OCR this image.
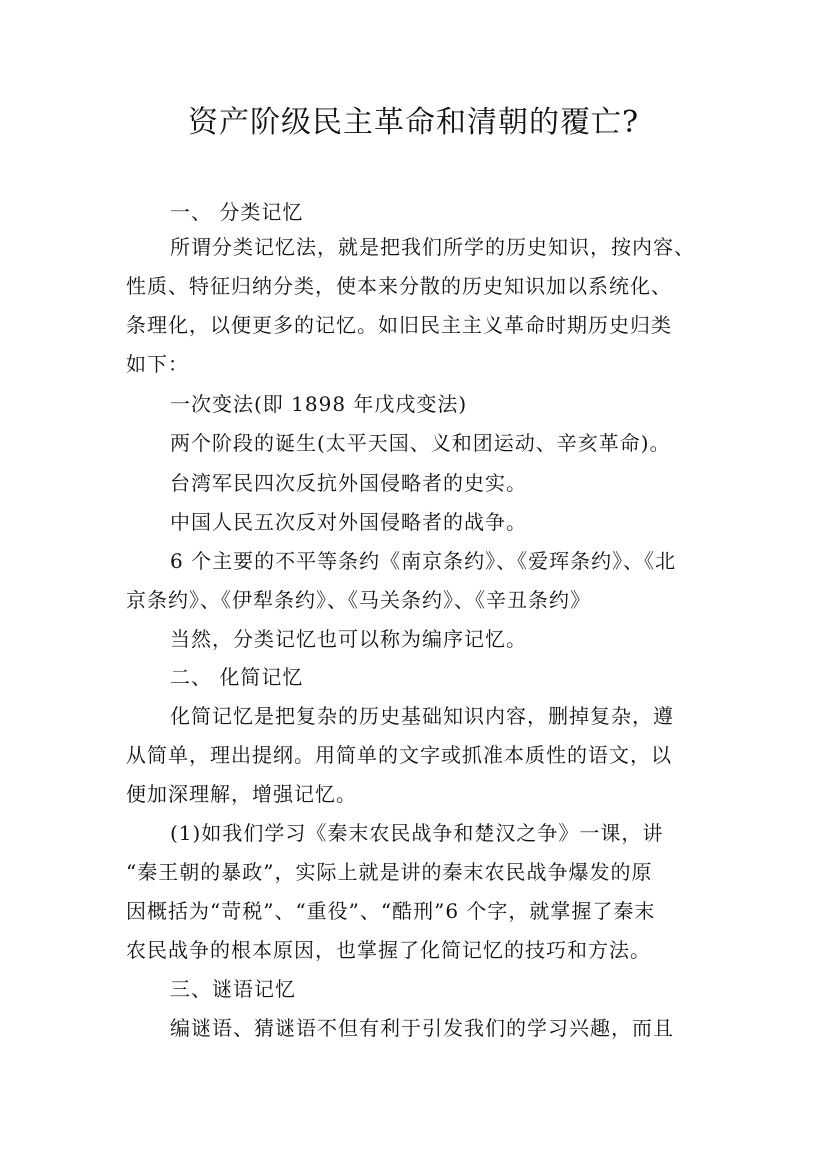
资产阶级民主革命和清朝的覆亡?

一、 分类记忆

所谓分类记忆法，就是把我们所学的历史知识，按内容、

性质、特征归纳分类，使本来分散的历史知识加以系统化、

条理化，以便更多的记忆。如旧民主主义革命时期历史归类

如下：

一次变法(即 1898 年戊戌变法)

两个阶段的诞生(太平天国、义和团运动、辛亥革命)。

台湾军民四次反抗外国侵略者的史实。

中国人民五次反对外国侵略者的战争。

6 个主要的不平等条约《南京条约》、《爱珲条约》、《北

京条约》、《伊犁条约》、《马关条约》、《辛丑条约》

当然，分类记忆也可以称为编序记忆。

二、 化简记忆

化简记忆是把复杂的历史基础知识内容，删掉复杂，遵

从简单，理出提纲。用简单的文字或抓准本质性的语文，以

便加深理解，增强记忆。

(1)如我们学习《秦末农民战争和楚汉之争》一课，讲

“秦王朝的暴政”，实际上就是讲的秦末农民战争爆发的原

因概括为“苛税”、“重役”、“酷刑”6 个字，就掌握了秦末

农民战争的根本原因，也掌握了化简记忆的技巧和方法。

三、谜语记忆

编谜语、猜谜语不但有利于引发我们的学习兴趣，而且
